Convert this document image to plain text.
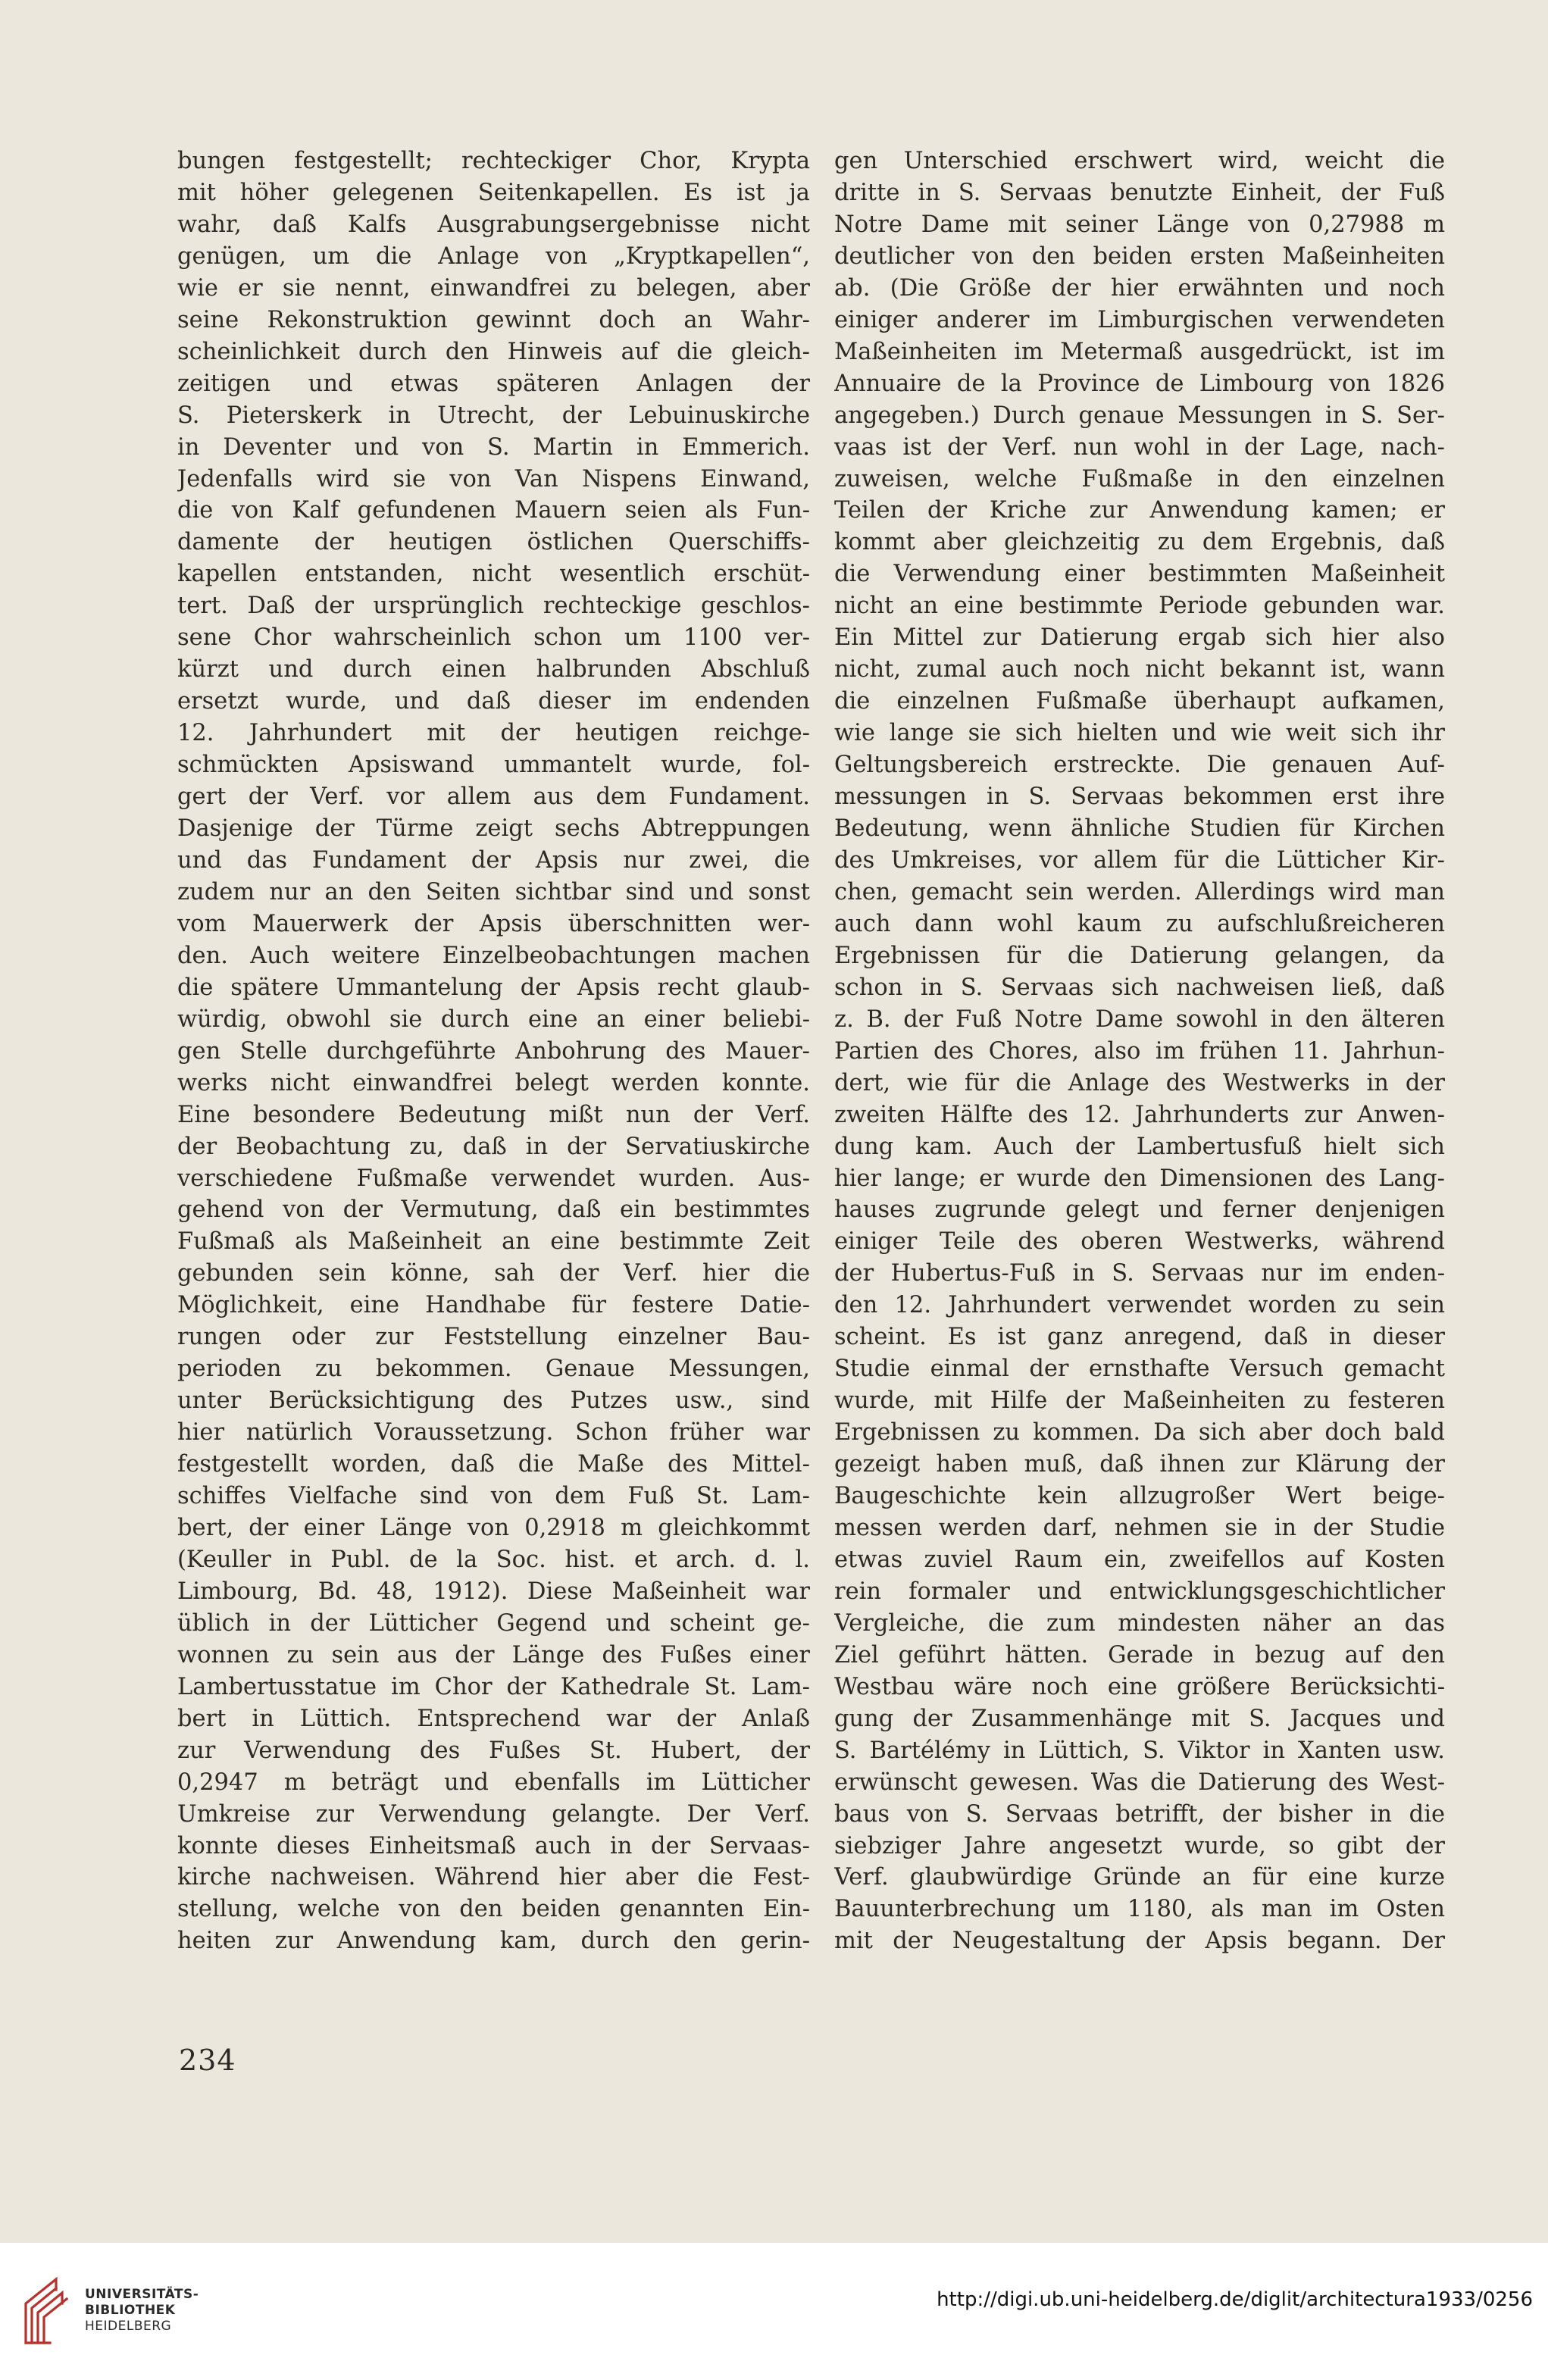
bungen festgestellt; rechteckiger Chor, Krypta
mit höher gelegenen Seitenkapellen. Es ist ja
wahr, daß Kalfs Ausgrabungsergebnisse nicht
genügen, um die Anlage von „Kryptkapellen“,
wie er sie nennt, einwandfrei zu belegen, aber
seine Rekonstruktion gewinnt doch an Wahr-
scheinlichkeit durch den Hinweis auf die gleich-
zeitigen und etwas späteren Anlagen der
S. Pieterskerk in Utrecht, der Lebuinuskirche
in Deventer und von S. Martin in Emmerich.
Jedenfalls wird sie von Van Nispens Einwand,
die von Kalf gefundenen Mauern seien als Fun-
damente der heutigen östlichen Querschiffs-
kapellen entstanden, nicht wesentlich erschüt-
tert. Daß der ursprünglich rechteckige geschlos-
sene Chor wahrscheinlich schon um 1100 ver-
kürzt und durch einen halbrunden Abschluß
ersetzt wurde, und daß dieser im endenden
12. Jahrhundert mit der heutigen reichge-
schmückten Apsiswand ummantelt wurde, fol-
gert der Verf. vor allem aus dem Fundament.
Dasjenige der Türme zeigt sechs Abtreppungen
und das Fundament der Apsis nur zwei, die
zudem nur an den Seiten sichtbar sind und sonst
vom Mauerwerk der Apsis überschnitten wer-
den. Auch weitere Einzelbeobachtungen machen
die spätere Ummantelung der Apsis recht glaub-
würdig, obwohl sie durch eine an einer beliebi-
gen Stelle durchgeführte Anbohrung des Mauer-
werks nicht einwandfrei belegt werden konnte.
Eine besondere Bedeutung mißt nun der Verf.
der Beobachtung zu, daß in der Servatiuskirche
verschiedene Fußmaße verwendet wurden. Aus-
gehend von der Vermutung, daß ein bestimmtes
Fußmaß als Maßeinheit an eine bestimmte Zeit
gebunden sein könne, sah der Verf. hier die
Möglichkeit, eine Handhabe für festere Datie-
rungen oder zur Feststellung einzelner Bau-
perioden zu bekommen. Genaue Messungen,
unter Berücksichtigung des Putzes usw., sind
hier natürlich Voraussetzung. Schon früher war
festgestellt worden, daß die Maße des Mittel-
schiffes Vielfache sind von dem Fuß St. Lam-
bert, der einer Länge von 0,2918 m gleichkommt
(Keuller in Publ. de la Soc. hist. et arch. d. l.
Limbourg, Bd. 48, 1912). Diese Maßeinheit war
üblich in der Lütticher Gegend und scheint ge-
wonnen zu sein aus der Länge des Fußes einer
Lambertusstatue im Chor der Kathedrale St. Lam-
bert in Lüttich. Entsprechend war der Anlaß
zur Verwendung des Fußes St. Hubert, der
0,2947 m beträgt und ebenfalls im Lütticher
Umkreise zur Verwendung gelangte. Der Verf.
konnte dieses Einheitsmaß auch in der Servaas-
kirche nachweisen. Während hier aber die Fest-
stellung, welche von den beiden genannten Ein-
heiten zur Anwendung kam, durch den gerin-
gen Unterschied erschwert wird, weicht die
dritte in S. Servaas benutzte Einheit, der Fuß
Notre Dame mit seiner Länge von 0,27988 m
deutlicher von den beiden ersten Maßeinheiten
ab. (Die Größe der hier erwähnten und noch
einiger anderer im Limburgischen verwendeten
Maßeinheiten im Metermaß ausgedrückt, ist im
Annuaire de la Province de Limbourg von 1826
angegeben.) Durch genaue Messungen in S. Ser-
vaas ist der Verf. nun wohl in der Lage, nach-
zuweisen, welche Fußmaße in den einzelnen
Teilen der Kriche zur Anwendung kamen; er
kommt aber gleichzeitig zu dem Ergebnis, daß
die Verwendung einer bestimmten Maßeinheit
nicht an eine bestimmte Periode gebunden war.
Ein Mittel zur Datierung ergab sich hier also
nicht, zumal auch noch nicht bekannt ist, wann
die einzelnen Fußmaße überhaupt aufkamen,
wie lange sie sich hielten und wie weit sich ihr
Geltungsbereich erstreckte. Die genauen Auf-
messungen in S. Servaas bekommen erst ihre
Bedeutung, wenn ähnliche Studien für Kirchen
des Umkreises, vor allem für die Lütticher Kir-
chen, gemacht sein werden. Allerdings wird man
auch dann wohl kaum zu aufschlußreicheren
Ergebnissen für die Datierung gelangen, da
schon in S. Servaas sich nachweisen ließ, daß
z. B. der Fuß Notre Dame sowohl in den älteren
Partien des Chores, also im frühen 11. Jahrhun-
dert, wie für die Anlage des Westwerks in der
zweiten Hälfte des 12. Jahrhunderts zur Anwen-
dung kam. Auch der Lambertusfuß hielt sich
hier lange; er wurde den Dimensionen des Lang-
hauses zugrunde gelegt und ferner denjenigen
einiger Teile des oberen Westwerks, während
der Hubertus-Fuß in S. Servaas nur im enden-
den 12. Jahrhundert verwendet worden zu sein
scheint. Es ist ganz anregend, daß in dieser
Studie einmal der ernsthafte Versuch gemacht
wurde, mit Hilfe der Maßeinheiten zu festeren
Ergebnissen zu kommen. Da sich aber doch bald
gezeigt haben muß, daß ihnen zur Klärung der
Baugeschichte kein allzugroßer Wert beige-
messen werden darf, nehmen sie in der Studie
etwas zuviel Raum ein, zweifellos auf Kosten
rein formaler und entwicklungsgeschichtlicher
Vergleiche, die zum mindesten näher an das
Ziel geführt hätten. Gerade in bezug auf den
Westbau wäre noch eine größere Berücksichti-
gung der Zusammenhänge mit S. Jacques und
S. Bartélémy in Lüttich, S. Viktor in Xanten usw.
erwünscht gewesen. Was die Datierung des West-
baus von S. Servaas betrifft, der bisher in die
siebziger Jahre angesetzt wurde, so gibt der
Verf. glaubwürdige Gründe an für eine kurze
Bauunterbrechung um 1180, als man im Osten
mit der Neugestaltung der Apsis begann. Der
234
UNIVERSITÄTS-
BIBLIOTHEK
HEIDELBERG
http://digi.ub.uni-heidelberg.de/diglit/architectura1933/0256
